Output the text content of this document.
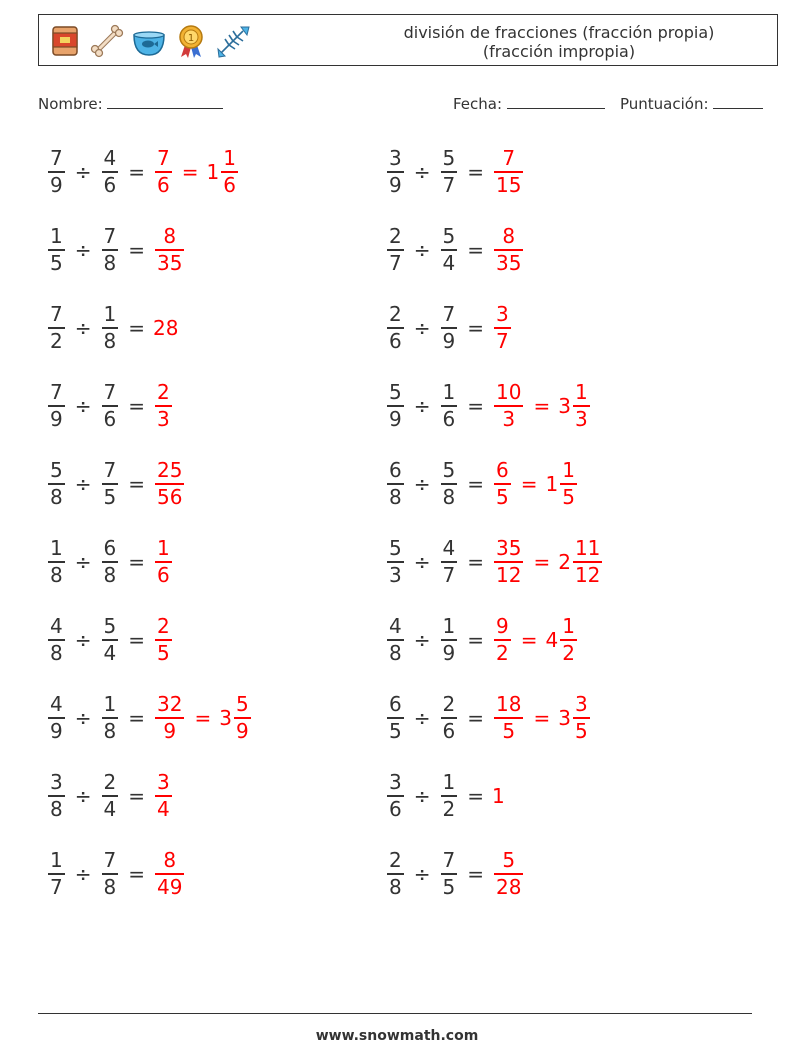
1	división de fracciones (fracción propia)
(fracción impropia)
Nombre:	Fecha:	Puntuación:
$\frac{7}{9} \div \frac{4}{6} = \frac{7}{6} = 1 \frac{1}{6}$	$\frac{3}{9} \div \frac{5}{7} = \frac{7}{15}$
$\frac{1}{5} \div \frac{7}{8} = \frac{8}{35}$	$\frac{2}{7} \div \frac{5}{4} = \frac{8}{35}$
$\frac{7}{2} \div \frac{1}{8} = 28$	$\frac{2}{6} \div \frac{7}{9} = \frac{3}{7}$
$\frac{7}{9} \div \frac{7}{6} = \frac{2}{3}$	$\frac{5}{9} \div \frac{1}{6} = \frac{10}{3} = 3 \frac{1}{3}$
$\frac{5}{8} \div \frac{7}{5} = \frac{25}{56}$	$\frac{6}{8} \div \frac{5}{8} = \frac{6}{5} = 1 \frac{1}{5}$
$\frac{1}{8} \div \frac{6}{8} = \frac{1}{6}$	$\frac{5}{3} \div \frac{4}{7} = \frac{35}{12} = 2 \frac{11}{12}$
$\frac{4}{8} \div \frac{5}{4} = \frac{2}{5}$	$\frac{4}{8} \div \frac{1}{9} = \frac{9}{2} = 4 \frac{1}{2}$
$\frac{4}{9} \div \frac{1}{8} = \frac{32}{9} = 3 \frac{5}{9}$	$\frac{6}{5} \div \frac{2}{6} = \frac{18}{5} = 3 \frac{3}{5}$
$\frac{3}{8} \div \frac{2}{4} = \frac{3}{4}$	$\frac{3}{6} \div \frac{1}{2} = 1$
$\frac{1}{7} \div \frac{7}{8} = \frac{8}{49}$	$\frac{2}{8} \div \frac{7}{5} = \frac{5}{28}$
www.snowmath.com
